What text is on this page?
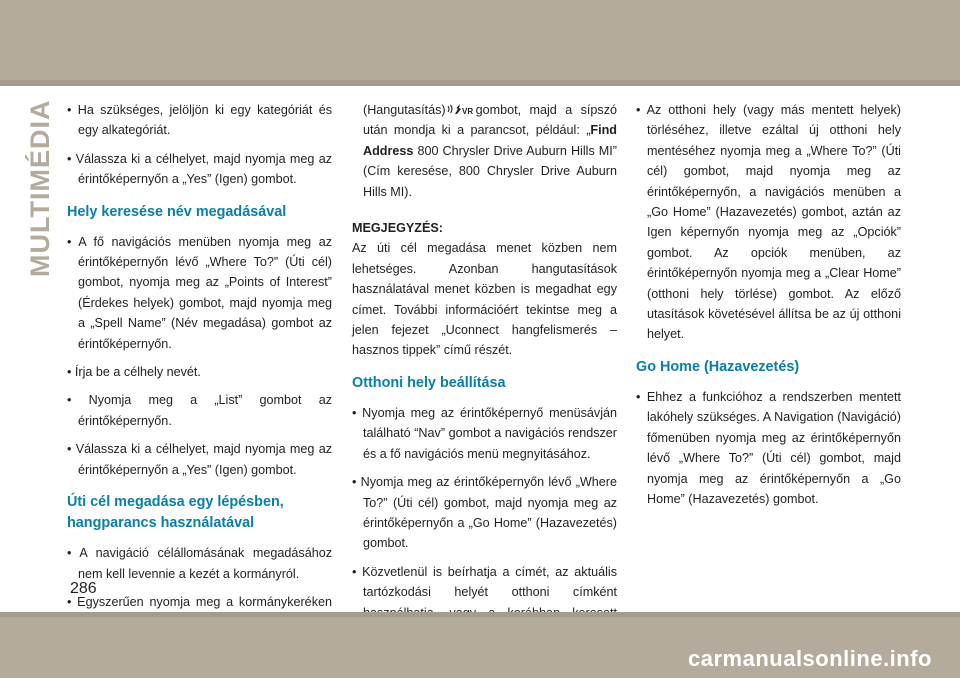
MULTIMÉDIA • Ha szükséges, jelöljön ki egy kategóriát és egy alkategóriát.

• Válassza ki a célhelyet, majd nyomja meg az érintőképernyőn a „Yes” (Igen) gombot.

Hely keresése név megadásával

• A fő navigációs menüben nyomja meg az érintőképernyőn lévő „Where To?” (Úti cél) gombot, nyomja meg az „Points of Interest” (Érdekes helyek) gombot, majd nyomja meg a „Spell Name” (Név megadása) gombot az érintőképernyőn.

• Írja be a célhely nevét.

• Nyomja meg a „List” gombot az érintőképernyőn.

• Válassza ki a célhelyet, majd nyomja meg az érintőképernyőn a „Yes” (Igen) gombot.

Úti cél megadása egy lépésben,
hangparancs használatával

• A navigáció célállomásának megadásához nem kell levennie a kezét a kormányról.

• Egyszerűen nyomja meg a kormánykeréken

(Hangutasítás) VR gombot, majd a sípszó után mondja ki a parancsot, például: „Find Address 800 Chrysler Drive Auburn Hills MI” (Cím keresése, 800 Chrysler Drive Auburn Hills MI).

MEGJEGYZÉS:

Az úti cél megadása menet közben nem lehetséges. Azonban hangutasítások használatával menet közben is megadhat egy címet. További információért tekintse meg a jelen fejezet „Uconnect hangfelismerés – hasznos tippek” című részét.

Otthoni hely beállítása

• Nyomja meg az érintőképernyő menüsávján található “Nav” gombot a navigációs rendszer és a fő navigációs menü megnyitásához.

• Nyomja meg az érintőképernyőn lévő „Where To?” (Úti cél) gombot, majd nyomja meg az érintőképernyőn a „Go Home” (Hazavezetés) gombot.

• Közvetlenül is beírhatja a címét, az aktuális tartózkodási helyét otthoni címként

• Az otthoni hely (vagy más mentett helyek) törléséhez, illetve ezáltal új otthoni hely mentéséhez nyomja meg a „Where To?” (Úti cél) gombot, majd nyomja meg az érintőképernyőn, a navigációs menüben a „Go Home” (Hazavezetés) gombot, aztán az Igen képernyőn nyomja meg az „Opciók” gombot. Az opciók menüben, az érintőképernyőn nyomja meg a „Clear Home” (otthoni hely törlése) gombot. Az előző utasítások követésével állítsa be az új otthoni helyet.

Go Home (Hazavezetés)

• Ehhez a funkcióhoz a rendszerben mentett lakóhely szükséges. A Navigation (Navigáció) főmenüben nyomja meg az érintőképernyőn lévő „Where To?” (Úti cél) gombot, majd nyomja meg az érintőképernyőn a „Go Home” (Hazavezetés) gombot.

286
carmanualsonline.info
